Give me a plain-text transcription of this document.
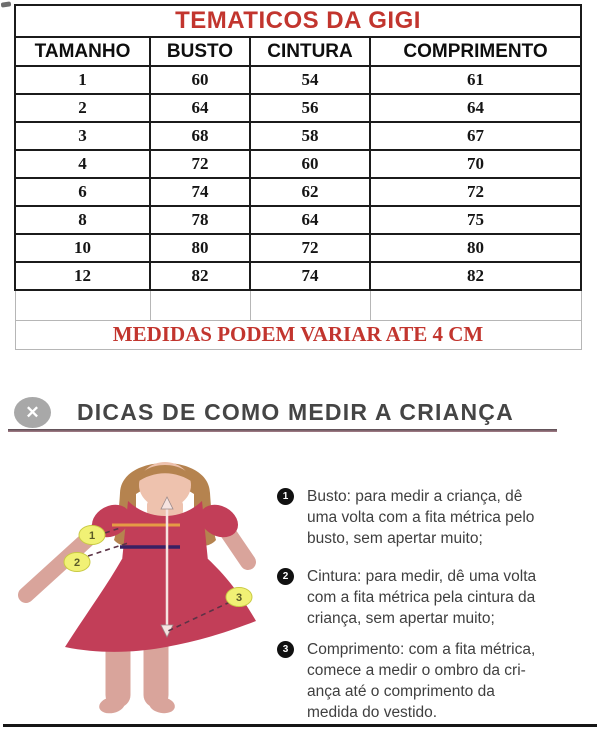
TEMATICOS DA GIGI			
TAMANHO	BUSTO	CINTURA	COMPRIMENTO
1	60	54	61
2	64	56	64
3	68	58	67
4	72	60	70
6	74	62	72
8	78	64	75
10	80	72	80
12	82	74	82

MEDIDAS PODEM VARIAR ATE 4 CM			
✕ DICAS DE COMO MEDIR A CRIANÇA
1
2
3
1 Busto: para medir a criança, dê
uma volta com a fita métrica pelo
busto, sem apertar muito;
2 Cintura: para medir, dê uma volta
com a fita métrica pela cintura da
criança, sem apertar muito;
3 Comprimento: com a fita métrica,
comece a medir o ombro da cri-
ança até o comprimento da
medida do vestido.
